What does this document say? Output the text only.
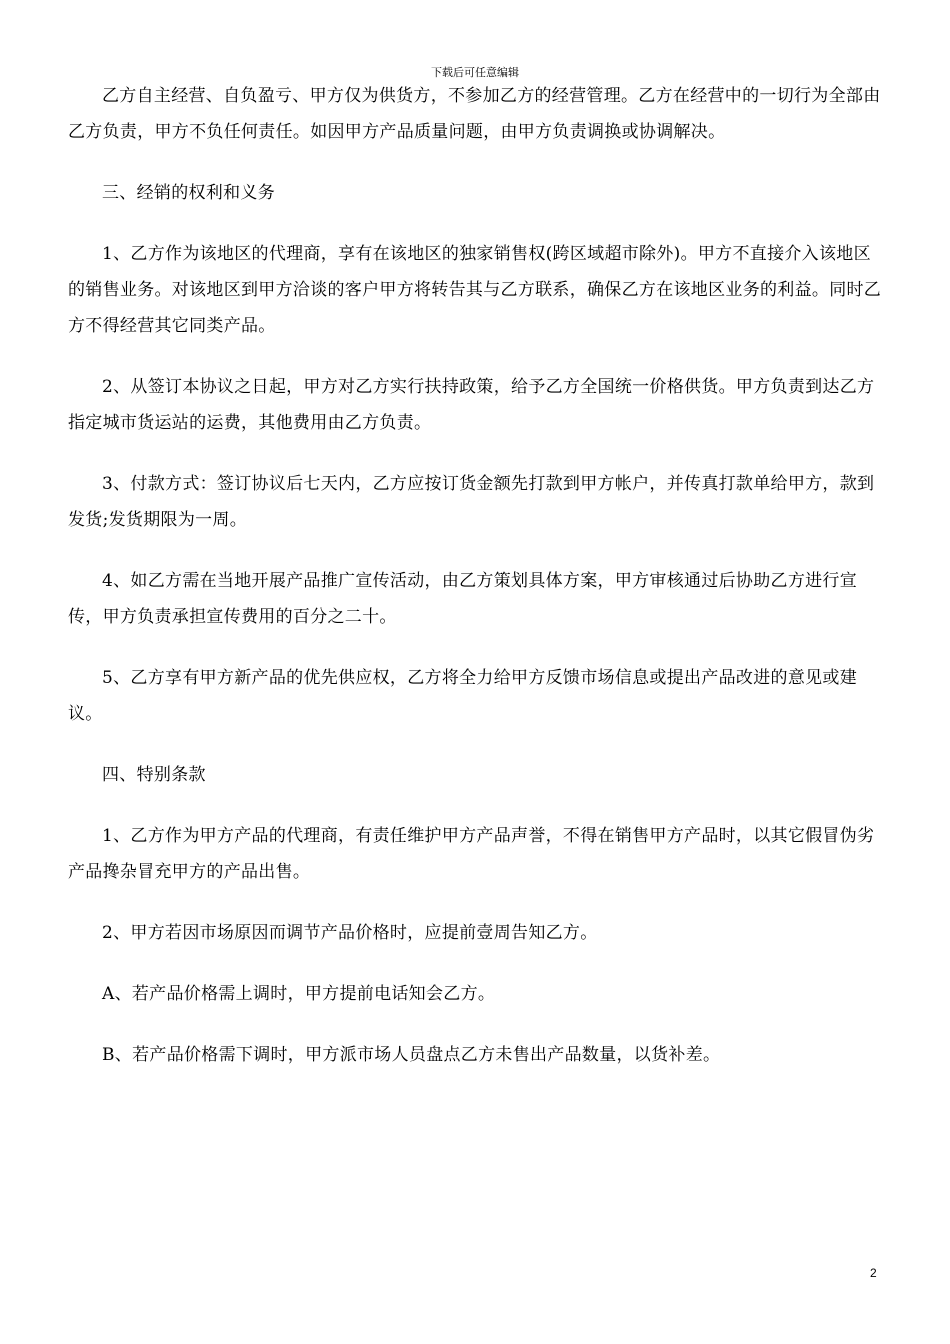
下载后可任意编辑

乙方自主经营、自负盈亏、甲方仅为供货方，不参加乙方的经营管理。乙方在经营中的一切行为全部由乙方负责，甲方不负任何责任。如因甲方产品质量问题，由甲方负责调换或协调解决。

三、经销的权利和义务

1、乙方作为该地区的代理商，享有在该地区的独家销售权(跨区域超市除外)。甲方不直接介入该地区的销售业务。对该地区到甲方洽谈的客户甲方将转告其与乙方联系，确保乙方在该地区业务的利益。同时乙方不得经营其它同类产品。

2、从签订本协议之日起，甲方对乙方实行扶持政策，给予乙方全国统一价格供货。甲方负责到达乙方指定城市货运站的运费，其他费用由乙方负责。

3、付款方式：签订协议后七天内，乙方应按订货金额先打款到甲方帐户，并传真打款单给甲方，款到发货;发货期限为一周。

4、如乙方需在当地开展产品推广宣传活动，由乙方策划具体方案，甲方审核通过后协助乙方进行宣传，甲方负责承担宣传费用的百分之二十。

5、乙方享有甲方新产品的优先供应权，乙方将全力给甲方反馈市场信息或提出产品改进的意见或建议。

四、特别条款

1、乙方作为甲方产品的代理商，有责任维护甲方产品声誉，不得在销售甲方产品时，以其它假冒伪劣产品搀杂冒充甲方的产品出售。

2、甲方若因市场原因而调节产品价格时，应提前壹周告知乙方。

A、若产品价格需上调时，甲方提前电话知会乙方。

B、若产品价格需下调时，甲方派市场人员盘点乙方未售出产品数量，以货补差。

2
